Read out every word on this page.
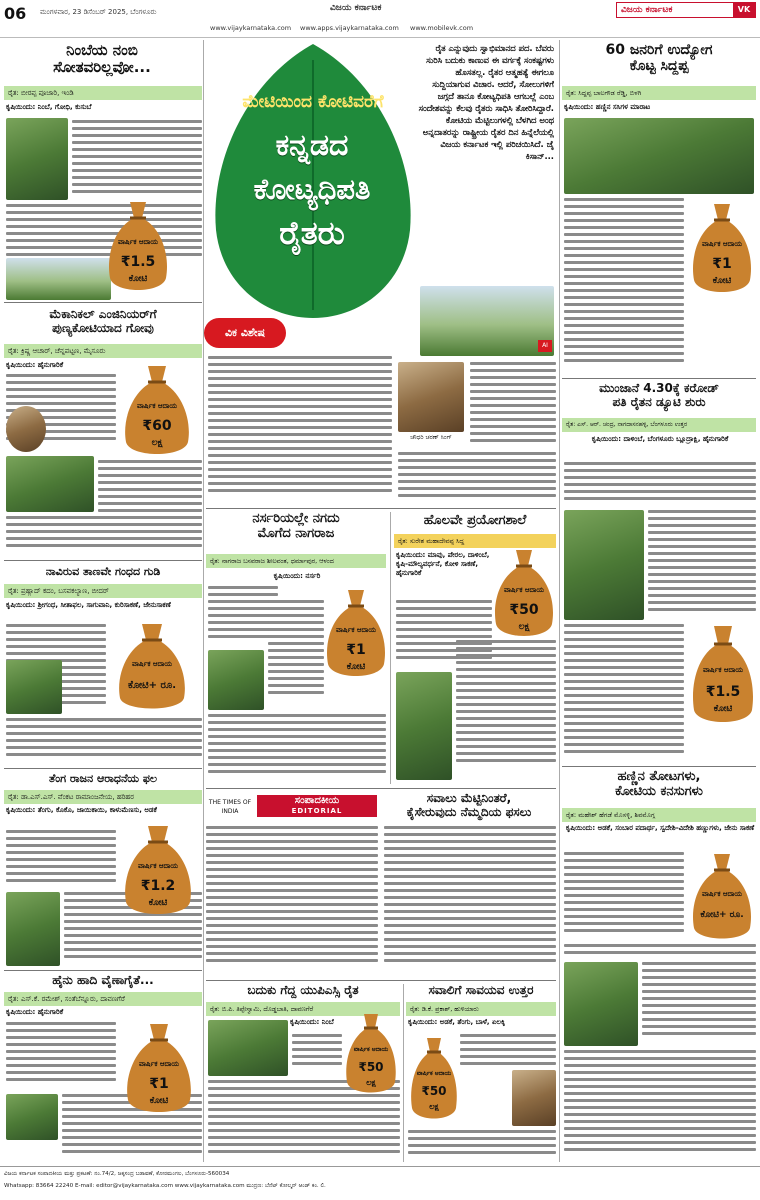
06 ಮಂಗಳವಾರ, 23 ಡಿಸೆಂಬರ್ 2025, ಬೆಂಗಳೂರು	ವಿಜಯ ಕರ್ನಾಟಕ
www.vijaykarnataka.com www.apps.vijaykarnataka.com www.mobilevk.com
ವಿಜಯ ಕರ್ನಾಟಕ	VK
ನಿಂಬೆಯ ನಂಬಿ
ಸೋತವರಿಲ್ಲವೋ...
ರೈತ: ಬೀರಪ್ಪ ಪೂಜಾರಿ, ಇಂಡಿ
ಕೃಷಿಯಿಂದು: ನಿಂಬೆ, ಗೋಧಿ, ಕುಸುಬೆ
ಮೆಕಾನಿಕಲ್ ಎಂಜಿನಿಯರ್‌ಗೆ
ಪುಣ್ಯಕೋಟಿಯಾದ ಗೋವು
ರೈತ: ಕ್ರಿಷ್ಣ ಆಚಾರ್, ಚೆನ್ನಪಟ್ಟಣ, ಮೈಸೂರು
ಕೃಷಿಯಿಂದು: ಹೈನುಗಾರಿಕೆ
ನಾವಿರುವ ತಾಣವೇ ಗಂಧದ ಗುಡಿ
ರೈತ: ಪ್ರಹ್ಲಾದ್ ಕದಂ, ಬಸವಕಲ್ಯಾಣ, ಬೀದರ್
ಕೃಷಿಯಿಂದು: ಶ್ರೀಗಂಧ, ಸೀತಾಫಲ, ಸಾಗುವಾನಿ, ಕುರಿಸಾಕಣೆ, ಜೇನುಸಾಕಣೆ
ತೆಂಗ ರಾಜನ ಆರಾಧನೆಯ ಫಲ
ರೈತ: ಡಾ.ಎಸ್.ಎಸ್. ವೆಂಕಟ ರಾಮಾಂಜನೇಯ, ಹರಿಹರ
ಕೃಷಿಯಿಂದು: ತೆಂಗು, ಕೊಕೊ, ಜಾಯಿಕಾಯಿ, ಕಾಳುಮೆಣಸು, ಅಡಕೆ
ಹೈನು ಹಾದಿ ವೈಣಾಗೈತೆ...
ರೈತ: ಎಸ್.ಕೆ. ರಮೇಶ್, ಸಂತೆಬೆನ್ನೂರು, ದಾವಣಗೆರೆ
ಕೃಷಿಯಿಂದು: ಹೈನುಗಾರಿಕೆ
ಮೇಟಿಯಿಂದ ಕೋಟಿವರೆಗೆ
ಕನ್ನಡದ
ಕೋಟ್ಯಧಿಪತಿ
ರೈತರು
ರೈತ ಎನ್ನುವುದು ಸ್ವಾಭಿಮಾನದ ಪದ. ಬೆವರು ಸುರಿಸಿ ಬದುಕು ಕಾಣುವ ಈ ವರ್ಗಕ್ಕೆ ಸಂಕಷ್ಟಗಳು ಹೊಸತಲ್ಲ. ರೈತರ ಆತ್ಮಹತ್ಯೆ ಈಗಲೂ ಸುದ್ದಿಯಾಗುವ ವಿಚಾರ. ಆದರೆ, ಸೋಲುಗಳಿಗೆ ಜಗ್ಗದೆ ತಾನೂ ಕೋಟ್ಯಧಿಪತಿ ಆಗಬಲ್ಲೆ ಎಂಬ ಸಂದೇಶವನ್ನು ಕೆಲವು ರೈತರು ಸಾಧಿಸಿ ತೋರಿಸಿದ್ದಾರೆ. ಕೋಟಿಯ ಮೆಟ್ಟಿಲುಗಳಲ್ಲಿ ಬೆಳಗಿದ ಅಂಥ ಅನ್ನದಾತರನ್ನು ರಾಷ್ಟ್ರೀಯ ರೈತರ ದಿನ ಹಿನ್ನೆಲೆಯಲ್ಲಿ ವಿಜಯ ಕರ್ನಾಟಕ ಇಲ್ಲಿ ಪರಿಚಯಿಸಿದೆ. ಜೈ ಕಿಸಾನ್...
AI
ವಿಕ ವಿಶೇಷ
ಚೌಧರಿ ಚರಣ್ ಸಿಂಗ್
ನರ್ಸರಿಯಲ್ಲೇ ನಗದು
ಮೊಗೆದ ನಾಗರಾಜ
ರೈತ: ನಾಗರಾಜ ಬಸವರಾಜ ಶೀಲವಂತ, ಧರ್ಮಾಪುರ, ಆಳಂದ
ಕೃಷಿಯಿಂದು: ನರ್ಸರಿ
ಹೊಲವೇ ಪ್ರಯೋಗಶಾಲೆ
ರೈತ: ಸುರೇಶ ಮಹಾದೇವಪ್ಪ ಸಿದ್ದ
ಕೃಷಿಯಿಂದು: ಮಾವು, ಪೇರಲ, ದಾಳಿಂಬೆ, ಕೃಷಿ-ಮೌಲ್ಯವರ್ಧನೆ, ಕೋಳಿ ಸಾಕಣೆ, ಹೈನುಗಾರಿಕೆ
THE TIMES OF INDIA
ಸಂಪಾದಕೀಯ
EDITORIAL
ಸವಾಲು ಮೆಟ್ಟಿನಿಂತರೆ,
ಕೈಸೇರುವುದು ನೆಮ್ಮದಿಯ ಫಸಲು
ಬದುಕು ಗೆದ್ದ ಯುಪಿಎಸ್ಸಿ ರೈತ
ರೈತ: ಬಿ.ಪಿ. ತಿಪ್ಪೇಸ್ವಾಮಿ, ದೊಡ್ಡಬಾತಿ, ದಾವಣಗೆರೆ
ಕೃಷಿಯಿಂದು: ನಿಂಬೆ
ಸವಾಲಿಗೆ ಸಾವಯವ ಉತ್ತರ
ರೈತ: ಡಿ.ಕೆ. ಪ್ರಕಾಶ್, ಹುಳಿಯಾರು
ಕೃಷಿಯಿಂದು: ಅಡಕೆ, ತೆಂಗು, ಬಾಳೆ, ಏಲಕ್ಕಿ
60 ಜನರಿಗೆ ಉದ್ಯೋಗ
ಕೊಟ್ಟ ಸಿದ್ದಪ್ಪ
ರೈತ: ಸಿದ್ದಪ್ಪ ಬಾಲಗೌಡ ರೆಡ್ಡಿ, ಬಿಳಗಿ
ಕೃಷಿಯಿಂದು: ಹಣ್ಣಿನ ಸಸಿಗಳ ಮಾರಾಟ
ಮುಂಜಾನೆ 4.30ಕ್ಕೆ ಕರೋಡ್
ಪತಿ ರೈತನ ಡ್ಯೂಟಿ ಶುರು
ರೈತ: ಎಸ್. ಆರ್. ಚಂದ್ರ, ನಾಗದಾಸನಹಳ್ಳಿ, ಬೆಂಗಳೂರು ಉತ್ತರ
ಕೃಷಿಯಿಂದು: ದಾಳಿಂಬೆ, ಬೆಂಗಳೂರು ಬ್ಲೂದ್ರಾಕ್ಷಿ, ಹೈನುಗಾರಿಕೆ
ಹಣ್ಣಿನ ತೋಟಗಳು,
ಕೋಟಿಯ ಕನಸುಗಳು
ರೈತ: ಮಹೇಶ್ ಹೆಗಡೆ ಮೊಸಳ್ಳಿ, ಶಿವಮೊಗ್ಗ
ಕೃಷಿಯಿಂದು: ಅಡಕೆ, ಸಂಬಾರ ಪದಾರ್ಥ, ಸ್ವದೇಶಿ-ವಿದೇಶಿ ಹಣ್ಣುಗಳು, ಜೇನು ಸಾಕಣೆ
ವಾರ್ಷಿಕ ಆದಾಯ
₹1.5
ಕೋಟಿ
ವಾರ್ಷಿಕ ಆದಾಯ
₹60
ಲಕ್ಷ
ವಾರ್ಷಿಕ ಆದಾಯ
ಕೋಟಿ+ ರೂ.
ವಾರ್ಷಿಕ ಆದಾಯ
₹1.2
ಕೋಟಿ
ವಾರ್ಷಿಕ ಆದಾಯ
₹1
ಕೋಟಿ
ವಾರ್ಷಿಕ ಆದಾಯ
₹1
ಕೋಟಿ
ವಾರ್ಷಿಕ ಆದಾಯ
₹50
ಲಕ್ಷ
ವಾರ್ಷಿಕ ಆದಾಯ
₹1
ಕೋಟಿ
ವಾರ್ಷಿಕ ಆದಾಯ
₹1.5
ಕೋಟಿ
ವಾರ್ಷಿಕ ಆದಾಯ
ಕೋಟಿ+ ರೂ.
ವಾರ್ಷಿಕ ಆದಾಯ
₹50
ಲಕ್ಷ
ವಾರ್ಷಿಕ ಆದಾಯ
₹50
ಲಕ್ಷ
ವಿಜಯ ಕರ್ನಾಟಕ ಸಂಪಾದಕೀಯ ಮತ್ತು ಪ್ರಕಟಣೆ: ನಂ.74/2, ಜಕ್ಕಸಂದ್ರ ಬಡಾವಣೆ, ಕೋರಮಂಗಲ, ಬೆಂಗಳೂರು-560034
Whatsapp: 83664 22240 E-mail: editor@vijaykarnataka.com www.vijaykarnataka.com ಮುದ್ರಣ: ಬೆನೆಟ್ ಕೋಲ್ಮನ್ ಆಂಡ್ ಕಂ. ಲಿ.
